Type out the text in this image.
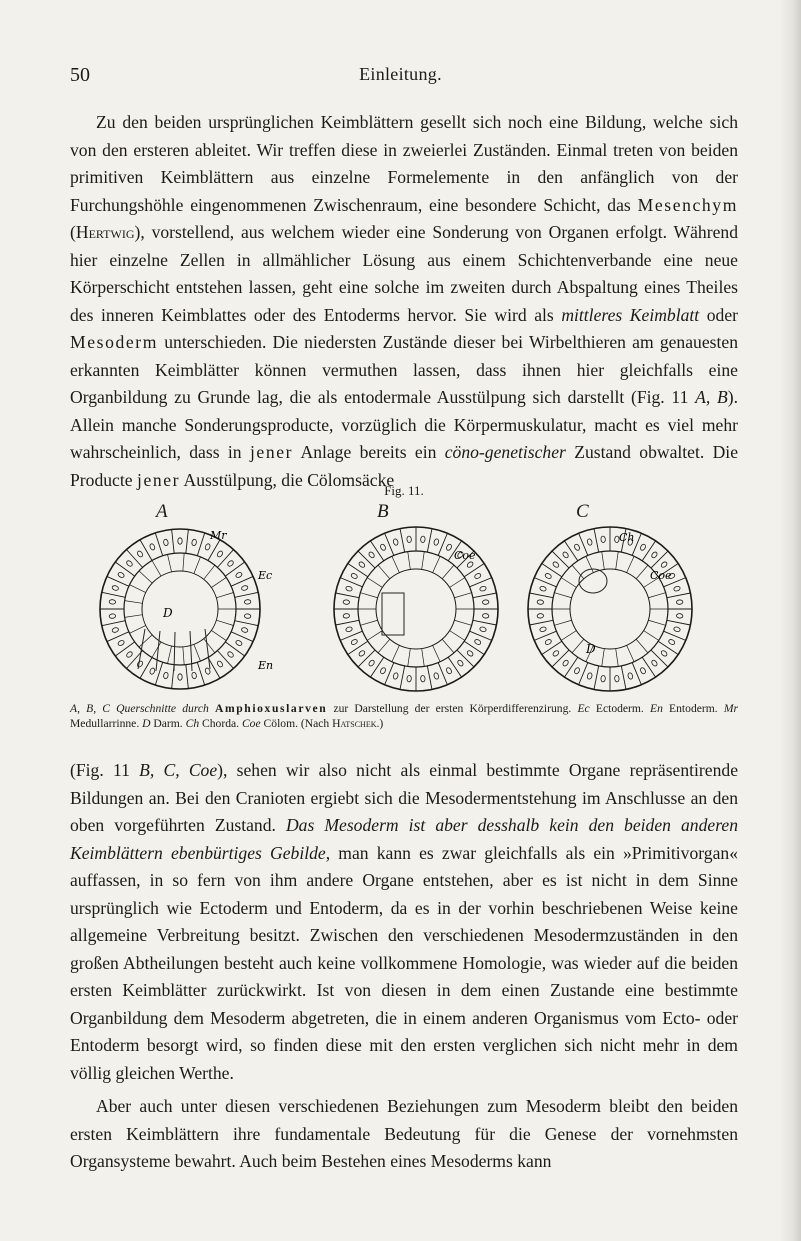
50	Einleitung.

Zu den beiden ursprünglichen Keimblättern gesellt sich noch eine Bildung, welche sich von den ersteren ableitet. Wir treffen diese in zweierlei Zuständen. Einmal treten von beiden primitiven Keimblättern aus einzelne Formelemente in den anfänglich von der Furchungshöhle eingenommenen Zwischenraum, eine besondere Schicht, das Mesenchym (Hertwig), vorstellend, aus welchem wieder eine Sonderung von Organen erfolgt. Während hier einzelne Zellen in allmählicher Lösung aus einem Schichtenverbande eine neue Körperschicht entstehen lassen, geht eine solche im zweiten durch Abspaltung eines Theiles des inneren Keimblattes oder des Entoderms hervor. Sie wird als mittleres Keimblatt oder Mesoderm unterschieden. Die niedersten Zustände dieser bei Wirbelthieren am genauesten erkannten Keimblätter können vermuthen lassen, dass ihnen hier gleichfalls eine Organbildung zu Grunde lag, die als entodermale Ausstülpung sich darstellt (Fig. 11 A, B). Allein manche Sonderungsproducte, vorzüglich die Körpermuskulatur, macht es viel mehr wahrscheinlich, dass in jener Anlage bereits ein cöno-genetischer Zustand obwaltet. Die Producte jener Ausstülpung, die Cölomsäcke

Fig. 11.
A	B	C
D
Mr
Ec
En
Coe
D
Ch
Coe

A, B, C Querschnitte durch Amphioxuslarven zur Darstellung der ersten Körperdifferenzirung. Ec Ectoderm. En Entoderm. Mr Medullarrinne. D Darm. Ch Chorda. Coe Cölom. (Nach Hatschek.)

(Fig. 11 B, C, Coe), sehen wir also nicht als einmal bestimmte Organe repräsentirende Bildungen an. Bei den Cranioten ergiebt sich die Mesodermentstehung im Anschlusse an den oben vorgeführten Zustand. Das Mesoderm ist aber desshalb kein den beiden anderen Keimblättern ebenbürtiges Gebilde, man kann es zwar gleichfalls als ein »Primitivorgan« auffassen, in so fern von ihm andere Organe entstehen, aber es ist nicht in dem Sinne ursprünglich wie Ectoderm und Entoderm, da es in der vorhin beschriebenen Weise keine allgemeine Verbreitung besitzt. Zwischen den verschiedenen Mesodermzuständen in den großen Abtheilungen besteht auch keine vollkommene Homologie, was wieder auf die beiden ersten Keimblätter zurückwirkt. Ist von diesen in dem einen Zustande eine bestimmte Organbildung dem Mesoderm abgetreten, die in einem anderen Organismus vom Ecto- oder Entoderm besorgt wird, so finden diese mit den ersten verglichen sich nicht mehr in dem völlig gleichen Werthe.

Aber auch unter diesen verschiedenen Beziehungen zum Mesoderm bleibt den beiden ersten Keimblättern ihre fundamentale Bedeutung für die Genese der vornehmsten Organsysteme bewahrt. Auch beim Bestehen eines Mesoderms kann
